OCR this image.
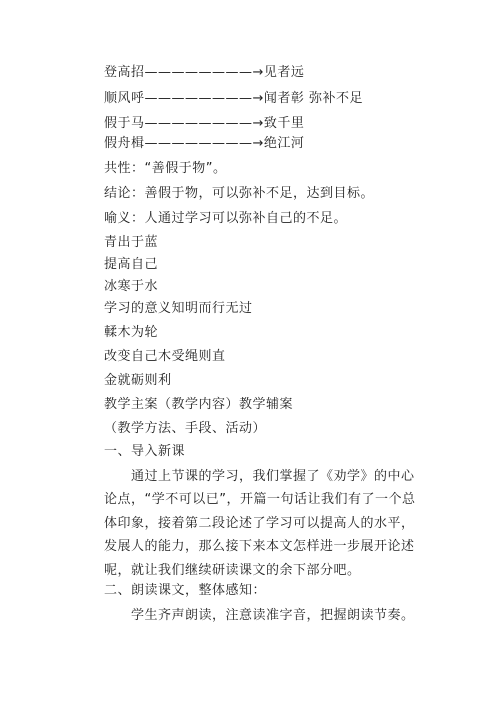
登高招————————→见者远
顺风呼————————→闻者彰 弥补不足
假于马————————→致千里
假舟楫————————→绝江河
共性：“善假于物”。
结论：善假于物，可以弥补不足，达到目标。
喻义：人通过学习可以弥补自己的不足。
青出于蓝
提高自己
冰寒于水
学习的意义知明而行无过
輮木为轮
改变自己木受绳则直
金就砺则利
教学主案（教学内容）教学辅案
（教学方法、手段、活动）
一、导入新课
　　通过上节课的学习，我们掌握了《劝学》的中心论点，“学不可以已”，开篇一句话让我们有了一个总体印象，接着第二段论述了学习可以提高人的水平，发展人的能力，那么接下来本文怎样进一步展开论述呢，就让我们继续研读课文的余下部分吧。
二、朗读课文，整体感知：
　　学生齐声朗读，注意读准字音，把握朗读节奏。
